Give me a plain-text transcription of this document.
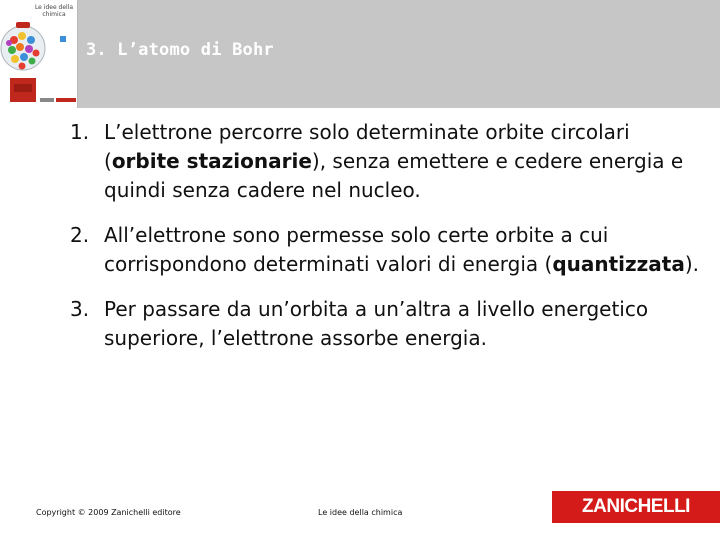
Le idee della chimica
3. L’atomo di Bohr
1. L’elettrone percorre solo determinate orbite circolari (orbite stazionarie), senza emettere e cedere energia e quindi senza cadere nel nucleo.
2. All’elettrone sono permesse solo certe orbite a cui corrispondono determinati valori di energia (quantizzata).
3. Per passare da un’orbita a un’altra a livello energetico superiore, l’elettrone assorbe energia.
Copyright © 2009 Zanichelli editore	Le idee della chimica	ZANICHELLI
